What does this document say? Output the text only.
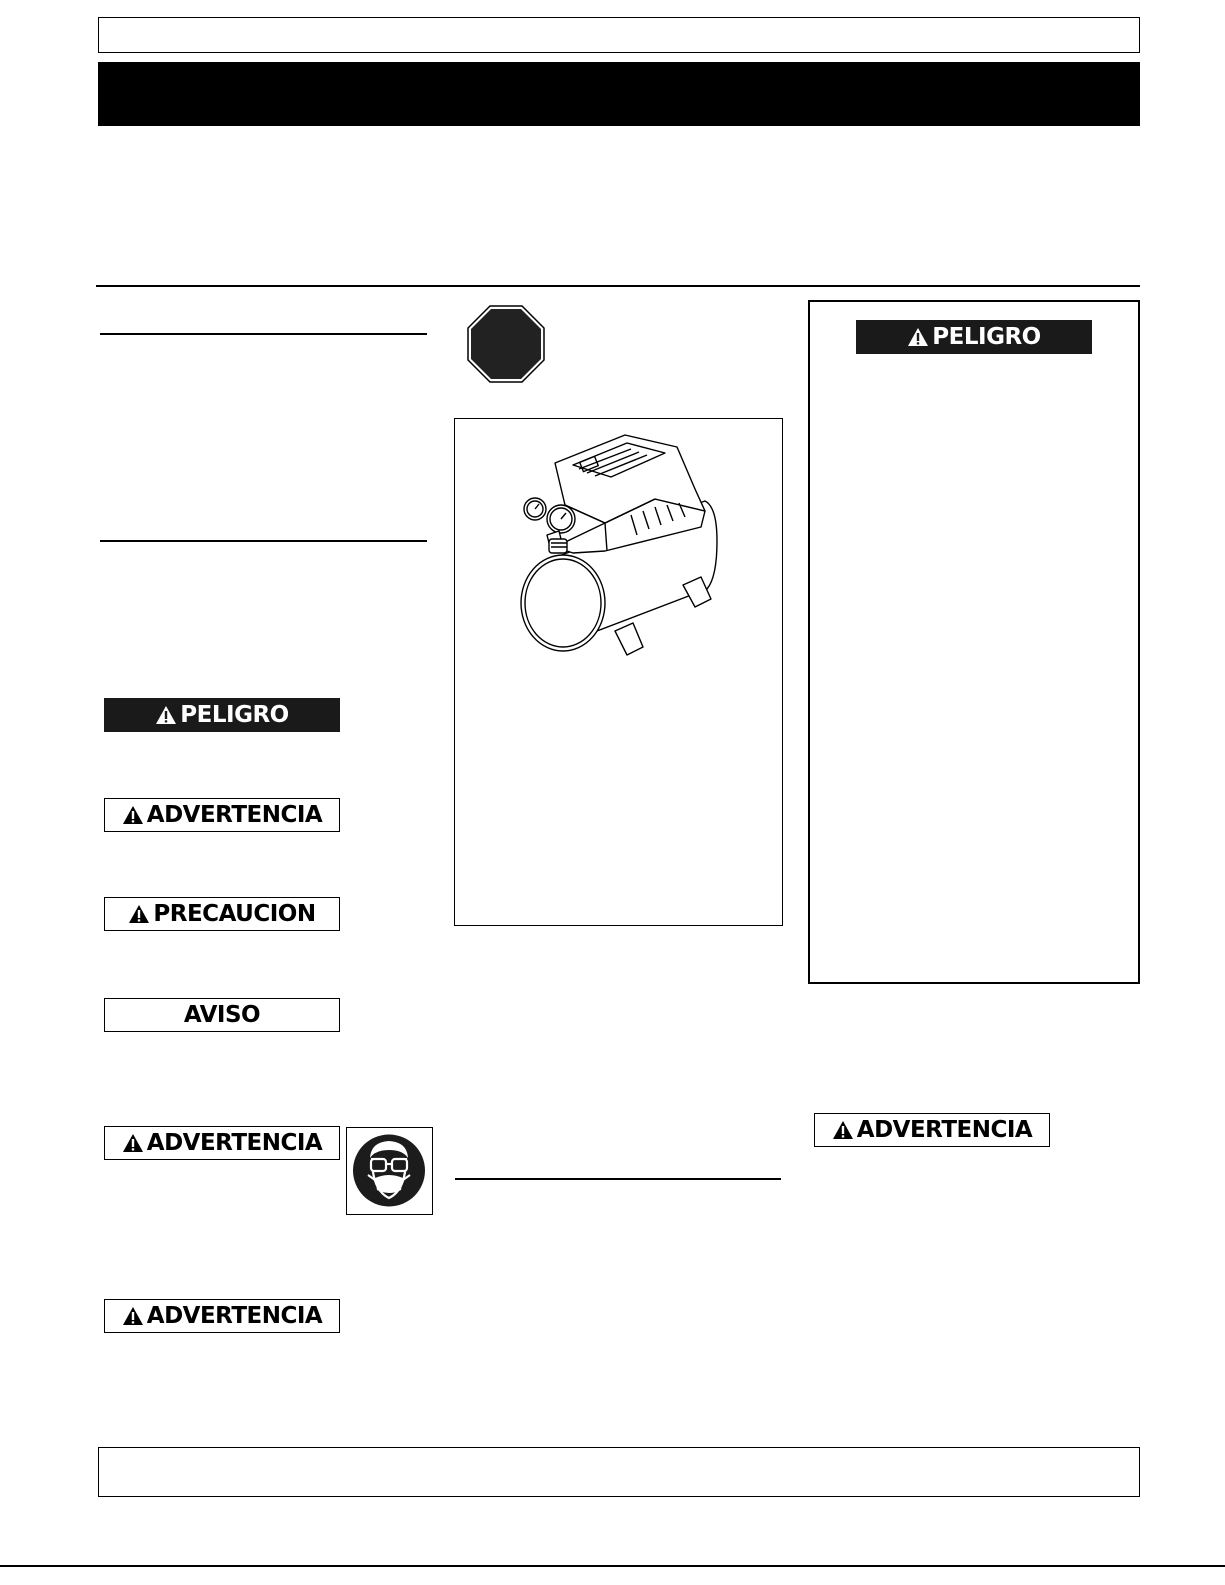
PELIGRO
ADVERTENCIA
PRECAUCION
AVISO
ADVERTENCIA
ADVERTENCIA
PELIGRO
ADVERTENCIA
